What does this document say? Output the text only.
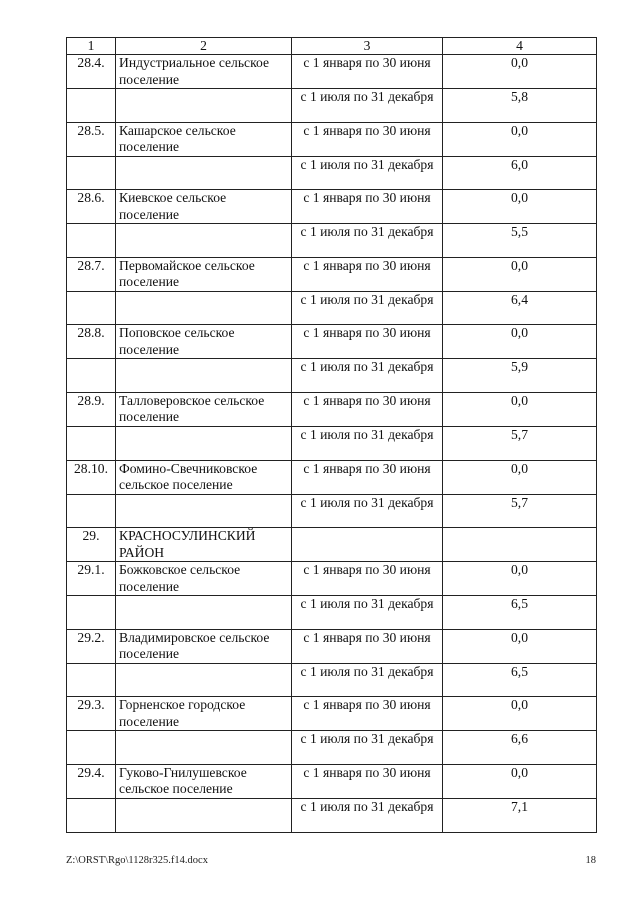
1	2	3	4
28.4.	Индустриальное сельское поселение	с 1 января по 30 июня	0,0
		с 1 июля по 31 декабря	5,8
28.5.	Кашарское сельское поселение	с 1 января по 30 июня	0,0
		с 1 июля по 31 декабря	6,0
28.6.	Киевское сельское поселение	с 1 января по 30 июня	0,0
		с 1 июля по 31 декабря	5,5
28.7.	Первомайское сельское поселение	с 1 января по 30 июня	0,0
		с 1 июля по 31 декабря	6,4
28.8.	Поповское сельское поселение	с 1 января по 30 июня	0,0
		с 1 июля по 31 декабря	5,9
28.9.	Талловеровское сельское поселение	с 1 января по 30 июня	0,0
		с 1 июля по 31 декабря	5,7
28.10.	Фомино-Свечниковское сельское поселение	с 1 января по 30 июня	0,0
		с 1 июля по 31 декабря	5,7
29.	КРАСНОСУЛИНСКИЙ РАЙОН		
29.1.	Божковское сельское поселение	с 1 января по 30 июня	0,0
		с 1 июля по 31 декабря	6,5
29.2.	Владимировское сельское поселение	с 1 января по 30 июня	0,0
		с 1 июля по 31 декабря	6,5
29.3.	Горненское городское поселение	с 1 января по 30 июня	0,0
		с 1 июля по 31 декабря	6,6
29.4.	Гуково-Гнилушевское сельское поселение	с 1 января по 30 июня	0,0
		с 1 июля по 31 декабря	7,1
Z:\ORST\Rgo\1128r325.f14.docx	18
